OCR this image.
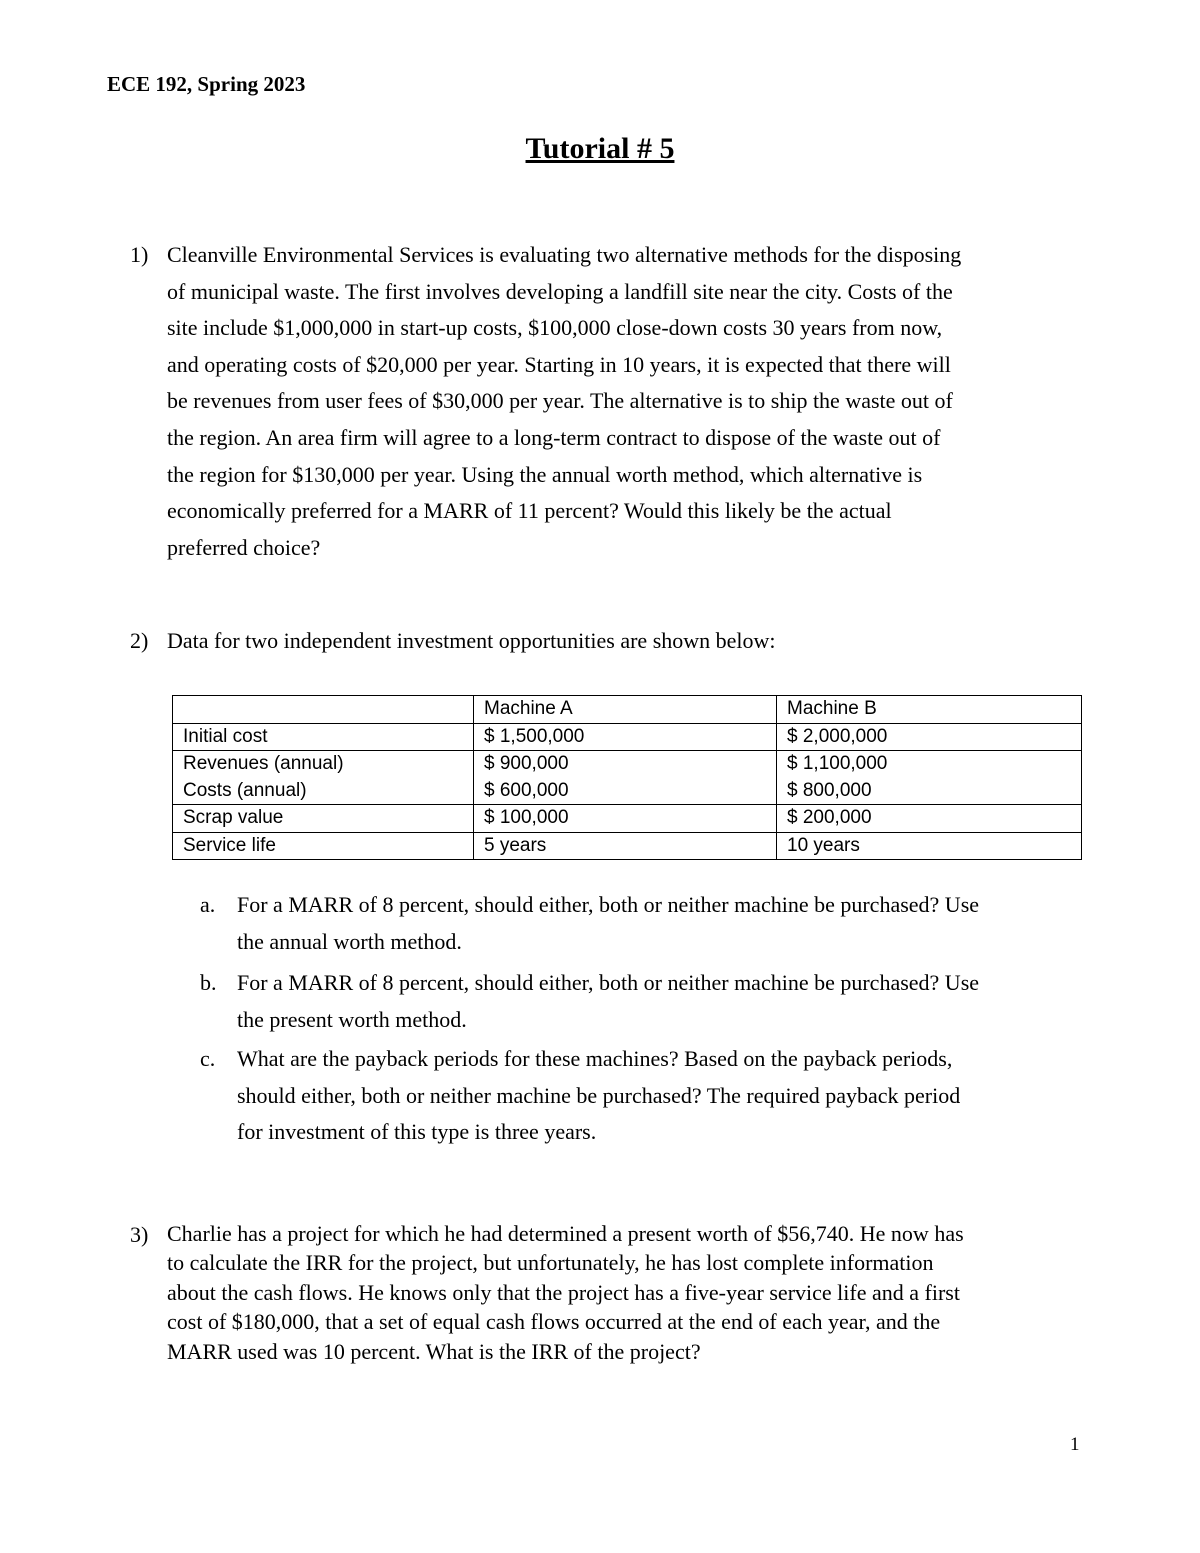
ECE 192, Spring 2023
Tutorial # 5
1) Cleanville Environmental Services is evaluating two alternative methods for the disposing
of municipal waste. The first involves developing a landfill site near the city. Costs of the
site include $1,000,000 in start-up costs, $100,000 close-down costs 30 years from now,
and operating costs of $20,000 per year. Starting in 10 years, it is expected that there will
be revenues from user fees of $30,000 per year. The alternative is to ship the waste out of
the region. An area firm will agree to a long-term contract to dispose of the waste out of
the region for $130,000 per year. Using the annual worth method, which alternative is
economically preferred for a MARR of 11 percent? Would this likely be the actual
preferred choice?
2) Data for two independent investment opportunities are shown below:
	Machine A	Machine B
Initial cost	$ 1,500,000	$ 2,000,000
Revenues (annual)	$ 900,000	$ 1,100,000
Costs (annual)	$ 600,000	$ 800,000
Scrap value	$ 100,000	$ 200,000
Service life	5 years	10 years
a. For a MARR of 8 percent, should either, both or neither machine be purchased? Use
the annual worth method.
b. For a MARR of 8 percent, should either, both or neither machine be purchased? Use
the present worth method.
c. What are the payback periods for these machines? Based on the payback periods,
should either, both or neither machine be purchased? The required payback period
for investment of this type is three years.
3) Charlie has a project for which he had determined a present worth of $56,740. He now has
to calculate the IRR for the project, but unfortunately, he has lost complete information
about the cash flows. He knows only that the project has a five-year service life and a first
cost of $180,000, that a set of equal cash flows occurred at the end of each year, and the
MARR used was 10 percent. What is the IRR of the project?
1
